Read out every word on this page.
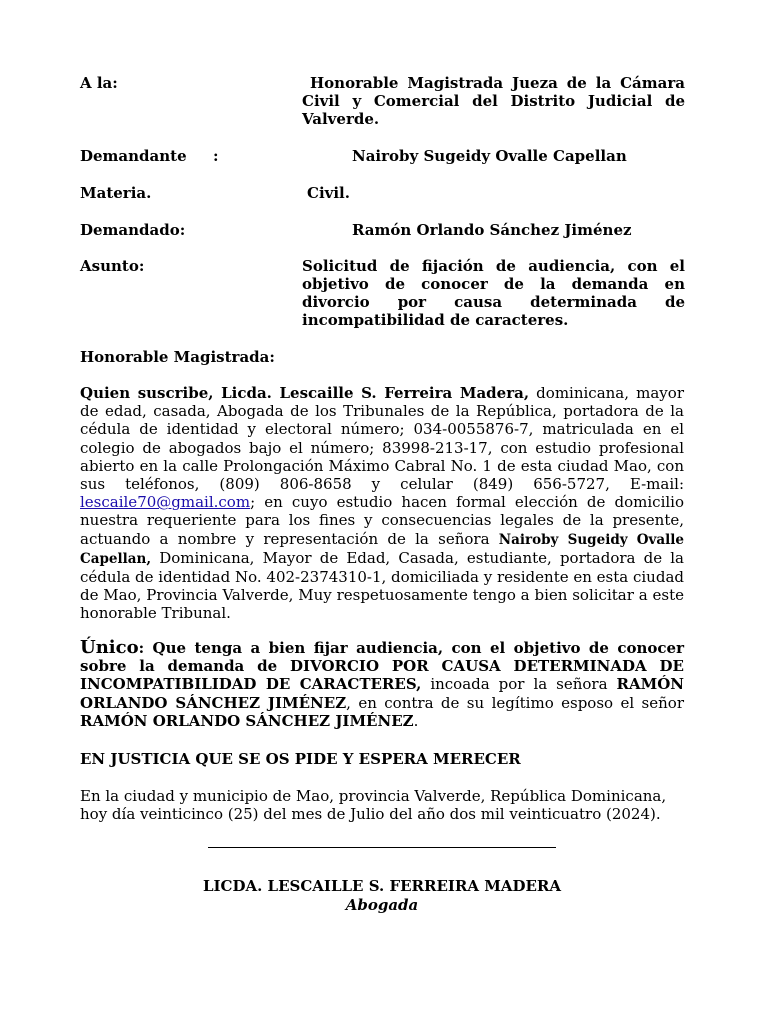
A la:	Honorable Magistrada Jueza de la Cámara Civil y Comercial del Distrito Judicial de Valverde.
Demandante :	Nairoby Sugeidy Ovalle Capellan
Materia.	Civil.
Demandado:	Ramón Orlando Sánchez Jiménez
Asunto:	Solicitud de fijación de audiencia, con el objetivo de conocer de la demanda en divorcio por causa determinada de incompatibilidad de caracteres.
Honorable Magistrada:
Quien suscribe, Licda. Lescaille S. Ferreira Madera, dominicana, mayor de edad, casada, Abogada de los Tribunales de la República, portadora de la cédula de identidad y electoral número; 034-0055876-7, matriculada en el colegio de abogados bajo el número; 83998-213-17, con estudio profesional abierto en la calle Prolongación Máximo Cabral No. 1 de esta ciudad Mao, con sus teléfonos, (809) 806-8658 y celular (849) 656-5727, E-mail: lescaile70@gmail.com; en cuyo estudio hacen formal elección de domicilio nuestra requeriente para los fines y consecuencias legales de la presente, actuando a nombre y representación de la señora Nairoby Sugeidy Ovalle Capellan, Dominicana, Mayor de Edad, Casada, estudiante, portadora de la cédula de identidad No. 402-2374310-1, domiciliada y residente en esta ciudad de Mao, Provincia Valverde, Muy respetuosamente tengo a bien solicitar a este honorable Tribunal.
Único: Que tenga a bien fijar audiencia, con el objetivo de conocer sobre la demanda de DIVORCIO POR CAUSA DETERMINADA DE INCOMPATIBILIDAD DE CARACTERES, incoada por la señora RAMÓN ORLANDO SÁNCHEZ JIMÉNEZ, en contra de su legítimo esposo el señor RAMÓN ORLANDO SÁNCHEZ JIMÉNEZ.
EN JUSTICIA QUE SE OS PIDE Y ESPERA MERECER
En la ciudad y municipio de Mao, provincia Valverde, República Dominicana, hoy día veinticinco (25) del mes de Julio del año dos mil veinticuatro (2024).
LICDA. LESCAILLE S. FERREIRA MADERA
Abogada
